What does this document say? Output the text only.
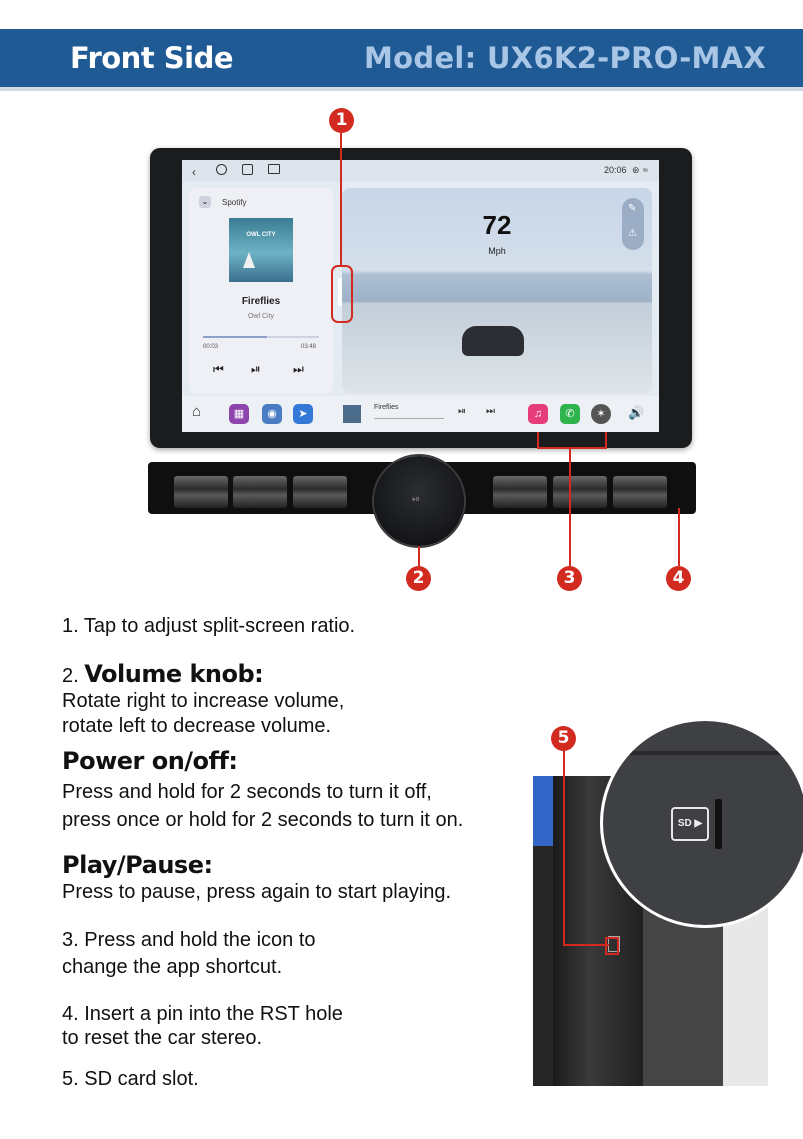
Front Side	Model: UX6K2-PRO-MAX
‹	20:06 ⊛ ≈
⌄	Spotify
OWL CITY
Fireflies
Owl City
00:03	03:48
⏮ ⏯	⏭
72
Mph
✎
⚠
⌂	▦	◉	➤
Fireflies	⏯ ⏭	♫	✆	✶	🔊
⏯
1
2	3	4
1. Tap to adjust split-screen ratio.
2. Volume knob:
Rotate right to increase volume,
rotate left to decrease volume.
Power on/off:
Press and hold for 2 seconds to turn it off,
press once or hold for 2 seconds to turn it on.
Play/Pause:
Press to pause, press again to start playing.
3. Press and hold the icon to
change the app shortcut.
4. Insert a pin into the RST hole
to reset the car stereo.
5. SD card slot.
5
SD ▶
